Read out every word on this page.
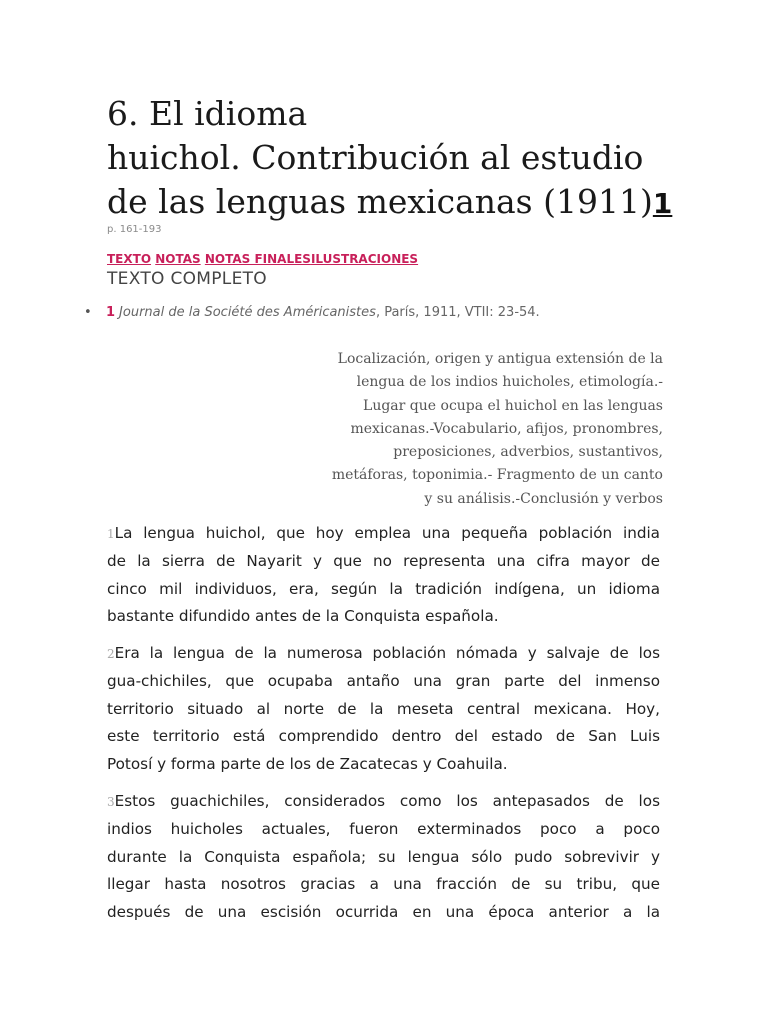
6. El idioma
huichol. Contribución al estudio
de las lenguas mexicanas (1911)1
p. 161-193
TEXTO NOTAS NOTAS FINALESILUSTRACIONES
TEXTO COMPLETO
• 1 Journal de la Société des Américanistes, París, 1911, VTII: 23-54.
Localización, origen y antigua extensión de la
lengua de los indios huicholes, etimología.-
Lugar que ocupa el huichol en las lenguas
mexicanas.-Vocabulario, afijos, pronombres,
preposiciones, adverbios, sustantivos,
metáforas, toponimia.- Fragmento de un canto
y su análisis.-Conclusión y verbos

1La lengua huichol, que hoy emplea una pequeña población india
de la sierra de Nayarit y que no representa una cifra mayor de
cinco mil individuos, era, según la tradición indígena, un idioma
bastante difundido antes de la Conquista española.

2Era la lengua de la numerosa población nómada y salvaje de los
gua-chichiles, que ocupaba antaño una gran parte del inmenso
territorio situado al norte de la meseta central mexicana. Hoy,
este territorio está comprendido dentro del estado de San Luis
Potosí y forma parte de los de Zacatecas y Coahuila.

3Estos guachichiles, considerados como los antepasados de los
indios huicholes actuales, fueron exterminados poco a poco
durante la Conquista española; su lengua sólo pudo sobrevivir y
llegar hasta nosotros gracias a una fracción de su tribu, que
después de una escisión ocurrida en una época anterior a la
